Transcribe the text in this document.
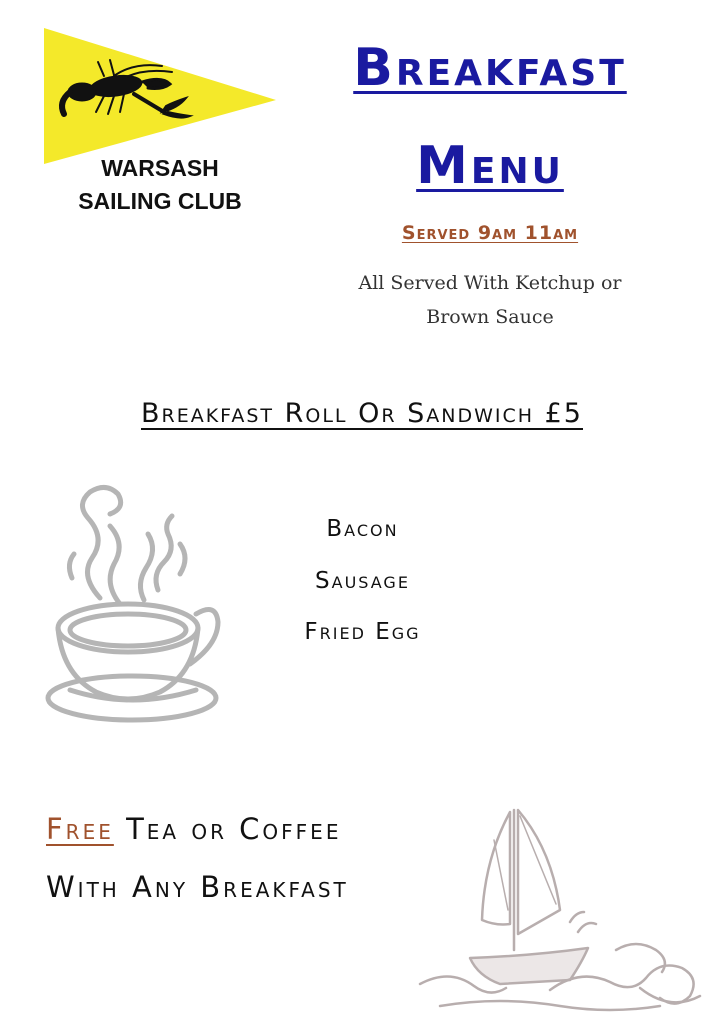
WARSASH
SAILING CLUB
Breakfast
Menu
Served 9am 11am
All Served With Ketchup or
Brown Sauce
Breakfast Roll Or Sandwich £5
Bacon
Sausage
Fried Egg
Free Tea or Coffee
With Any Breakfast
